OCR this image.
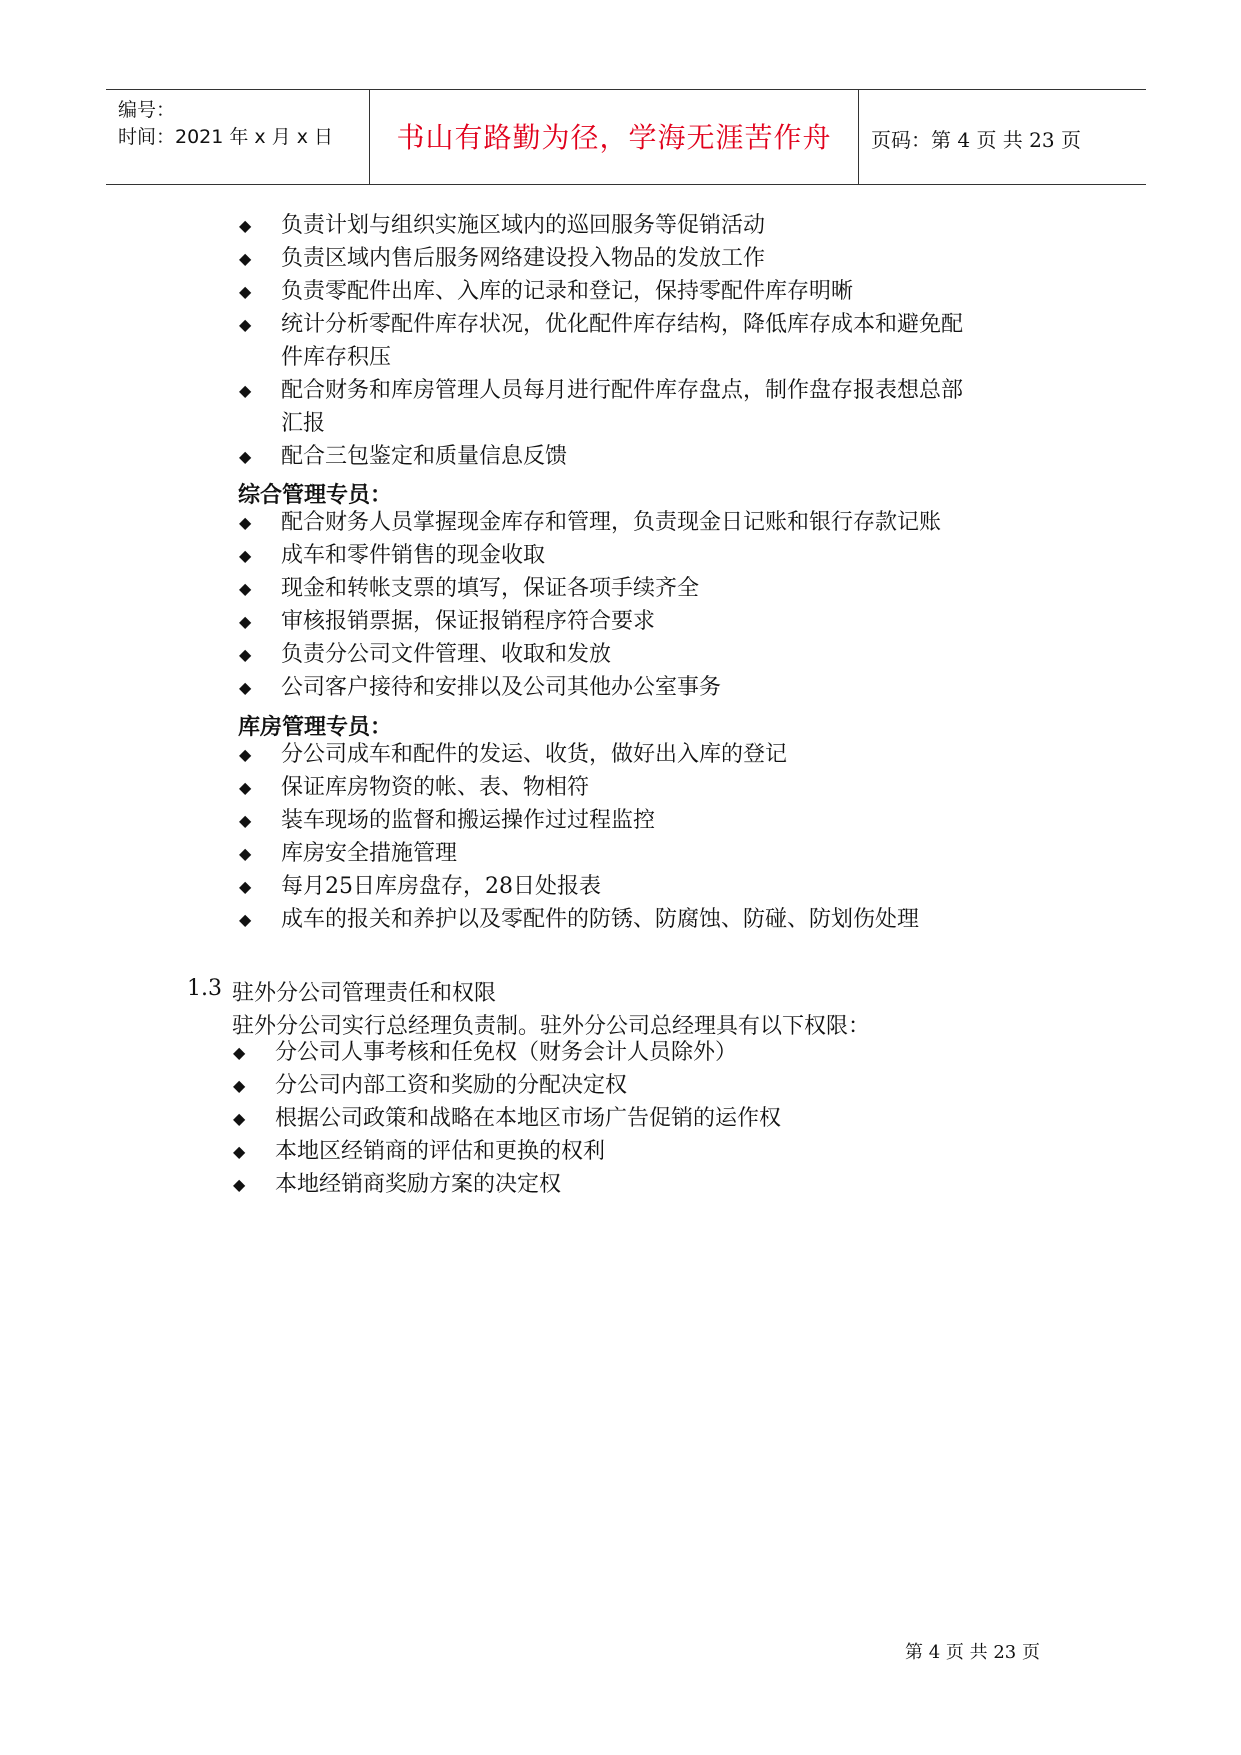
编号：
时间：2021 年 x 月 x 日	书山有路勤为径，学海无涯苦作舟	页码：第 4 页 共 23 页
◆ 负责计划与组织实施区域内的巡回服务等促销活动
◆ 负责区域内售后服务网络建设投入物品的发放工作
◆ 负责零配件出库、入库的记录和登记，保持零配件库存明晰
◆ 统计分析零配件库存状况，优化配件库存结构，降低库存成本和避免配
件库存积压
◆ 配合财务和库房管理人员每月进行配件库存盘点，制作盘存报表想总部
汇报
◆ 配合三包鉴定和质量信息反馈
综合管理专员：
◆ 配合财务人员掌握现金库存和管理，负责现金日记账和银行存款记账
◆ 成车和零件销售的现金收取
◆ 现金和转帐支票的填写，保证各项手续齐全
◆ 审核报销票据，保证报销程序符合要求
◆ 负责分公司文件管理、收取和发放
◆ 公司客户接待和安排以及公司其他办公室事务
库房管理专员：
◆ 分公司成车和配件的发运、收货，做好出入库的登记
◆ 保证库房物资的帐、表、物相符
◆ 装车现场的监督和搬运操作过过程监控
◆ 库房安全措施管理
◆ 每月25日库房盘存，28日处报表
◆ 成车的报关和养护以及零配件的防锈、防腐蚀、防碰、防划伤处理
1.3 驻外分公司管理责任和权限
驻外分公司实行总经理负责制。驻外分公司总经理具有以下权限：
◆ 分公司人事考核和任免权（财务会计人员除外）
◆ 分公司内部工资和奖励的分配决定权
◆ 根据公司政策和战略在本地区市场广告促销的运作权
◆ 本地区经销商的评估和更换的权利
◆ 本地经销商奖励方案的决定权
第 4 页 共 23 页
